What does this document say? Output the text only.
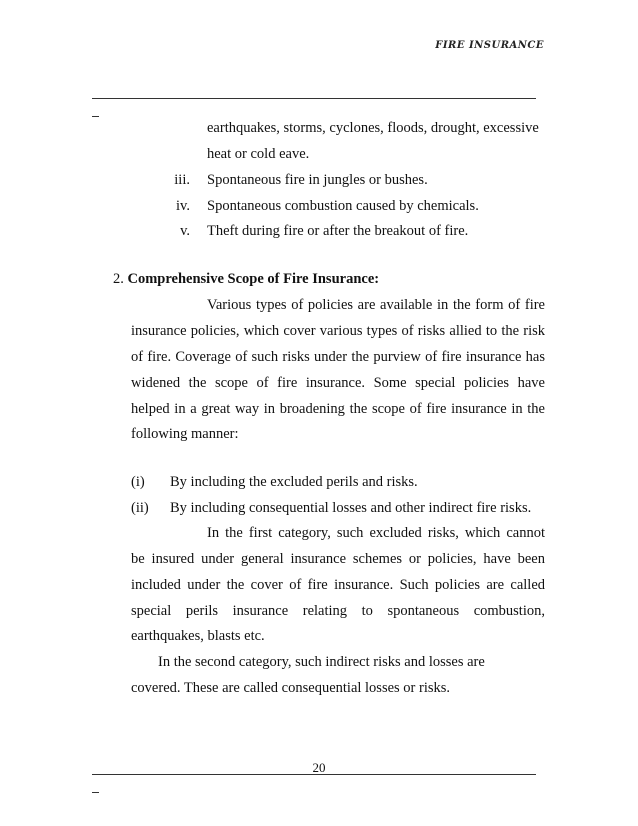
FIRE INSURANCE
earthquakes, storms, cyclones, floods, drought, excessive
heat or cold eave.
iii. Spontaneous fire in jungles or bushes.
iv. Spontaneous combustion caused by chemicals.
v. Theft during fire or after the breakout of fire.
2. Comprehensive Scope of Fire Insurance:
Various types of policies are available in the form of fire
insurance policies, which cover various types of risks allied to the risk
of fire. Coverage of such risks under the purview of fire insurance has
widened the scope of fire insurance. Some special policies have
helped in a great way in broadening the scope of fire insurance in the
following manner:
(i) By including the excluded perils and risks.
(ii) By including consequential losses and other indirect fire risks.
In the first category, such excluded risks, which cannot
be insured under general insurance schemes or policies, have been
included under the cover of fire insurance. Such policies are called
special perils insurance relating to spontaneous combustion,
earthquakes, blasts etc.
In the second category, such indirect risks and losses are
covered. These are called consequential losses or risks.
20
